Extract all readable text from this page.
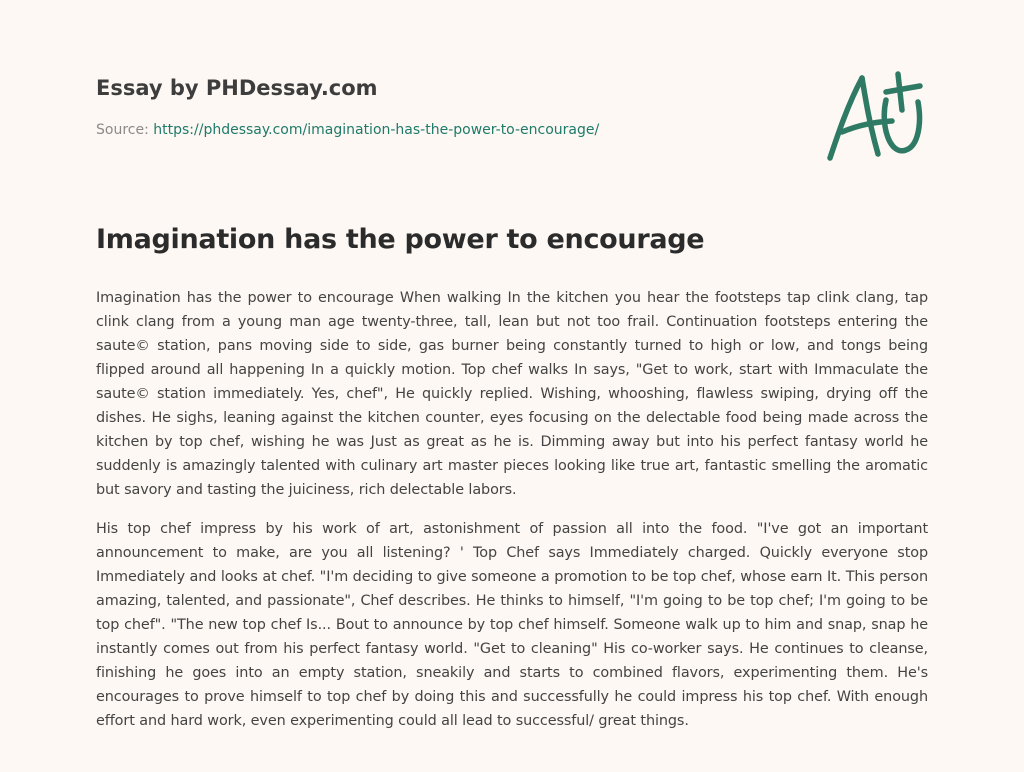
Essay by PHDessay.com
Source: https://phdessay.com/imagination-has-the-power-to-encourage/
Imagination has the power to encourage

Imagination has the power to encourage When walking In the kitchen you hear the footsteps tap clink clang, tap clink clang from a young man age twenty-three, tall, lean but not too frail. Continuation footsteps entering the saute© station, pans moving side to side, gas burner being constantly turned to high or low, and tongs being flipped around all happening In a quickly motion. Top chef walks In says, "Get to work, start with Immaculate the saute© station immediately. Yes, chef", He quickly replied. Wishing, whooshing, flawless swiping, drying off the dishes. He sighs, leaning against the kitchen counter, eyes focusing on the delectable food being made across the kitchen by top chef, wishing he was Just as great as he is. Dimming away but into his perfect fantasy world he suddenly is amazingly talented with culinary art master pieces looking like true art, fantastic smelling the aromatic but savory and tasting the juiciness, rich delectable labors.

His top chef impress by his work of art, astonishment of passion all into the food. "I've got an important announcement to make, are you all listening? ' Top Chef says Immediately charged. Quickly everyone stop Immediately and looks at chef. "I'm deciding to give someone a promotion to be top chef, whose earn It. This person amazing, talented, and passionate", Chef describes. He thinks to himself, "I'm going to be top chef; I'm going to be top chef". "The new top chef Is... Bout to announce by top chef himself. Someone walk up to him and snap, snap he instantly comes out from his perfect fantasy world. "Get to cleaning" His co-worker says. He continues to cleanse, finishing he goes into an empty station, sneakily and starts to combined flavors, experimenting them. He's encourages to prove himself to top chef by doing this and successfully he could impress his top chef. With enough effort and hard work, even experimenting could all lead to successful/ great things.
